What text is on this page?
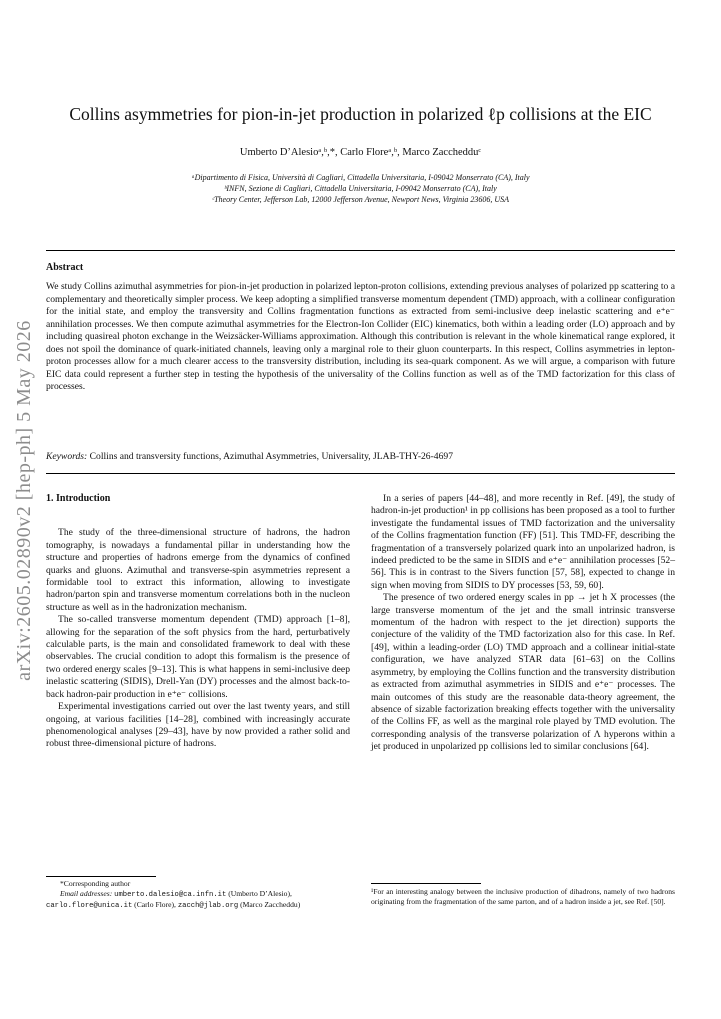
arXiv:2605.02890v2 [hep-ph] 5 May 2026
Collins asymmetries for pion-in-jet production in polarized ℓp collisions at the EIC
Umberto D’Alesioᵃ,ᵇ,*, Carlo Floreᵃ,ᵇ, Marco Zacchedduᶜ
ᵃDipartimento di Fisica, Università di Cagliari, Cittadella Universitaria, I-09042 Monserrato (CA), Italy
ᵇINFN, Sezione di Cagliari, Cittadella Universitaria, I-09042 Monserrato (CA), Italy
ᶜTheory Center, Jefferson Lab, 12000 Jefferson Avenue, Newport News, Virginia 23606, USA
Abstract

We study Collins azimuthal asymmetries for pion-in-jet production in polarized lepton-proton collisions, extending previous analyses of polarized pp scattering to a complementary and theoretically simpler process. We keep adopting a simplified transverse momentum dependent (TMD) approach, with a collinear configuration for the initial state, and employ the transversity and Collins fragmentation functions as extracted from semi-inclusive deep inelastic scattering and e⁺e⁻ annihilation processes. We then compute azimuthal asymmetries for the Electron-Ion Collider (EIC) kinematics, both within a leading order (LO) approach and by including quasireal photon exchange in the Weizsäcker-Williams approximation. Although this contribution is relevant in the whole kinematical range explored, it does not spoil the dominance of quark-initiated channels, leaving only a marginal role to their gluon counterparts. In this respect, Collins asymmetries in lepton-proton processes allow for a much clearer access to the transversity distribution, including its sea-quark component. As we will argue, a comparison with future EIC data could represent a further step in testing the hypothesis of the universality of the Collins function as well as of the TMD factorization for this class of processes.

Keywords: Collins and transversity functions, Azimuthal Asymmetries, Universality, JLAB-THY-26-4697
1. Introduction

The study of the three-dimensional structure of hadrons, the hadron tomography, is nowadays a fundamental pillar in understanding how the structure and properties of hadrons emerge from the dynamics of confined quarks and gluons. Azimuthal and transverse-spin asymmetries represent a formidable tool to extract this information, allowing to investigate hadron/parton spin and transverse momentum correlations both in the nucleon structure as well as in the hadronization mechanism.

The so-called transverse momentum dependent (TMD) approach [1–8], allowing for the separation of the soft physics from the hard, perturbatively calculable parts, is the main and consolidated framework to deal with these observables. The crucial condition to adopt this formalism is the presence of two ordered energy scales [9–13]. This is what happens in semi-inclusive deep inelastic scattering (SIDIS), Drell-Yan (DY) processes and the almost back-to-back hadron-pair production in e⁺e⁻ collisions.

Experimental investigations carried out over the last twenty years, and still ongoing, at various facilities [14–28], combined with increasingly accurate phenomenological analyses [29–43], have by now provided a rather solid and robust three-dimensional picture of hadrons.

In a series of papers [44–48], and more recently in Ref. [49], the study of hadron-in-jet production¹ in pp collisions has been proposed as a tool to further investigate the fundamental issues of TMD factorization and the universality of the Collins fragmentation function (FF) [51]. This TMD-FF, describing the fragmentation of a transversely polarized quark into an unpolarized hadron, is indeed predicted to be the same in SIDIS and e⁺e⁻ annihilation processes [52–56]. This is in contrast to the Sivers function [57, 58], expected to change in sign when moving from SIDIS to DY processes [53, 59, 60].

The presence of two ordered energy scales in pp → jet h X processes (the large transverse momentum of the jet and the small intrinsic transverse momentum of the hadron with respect to the jet direction) supports the conjecture of the validity of the TMD factorization also for this case. In Ref. [49], within a leading-order (LO) TMD approach and a collinear initial-state configuration, we have analyzed STAR data [61–63] on the Collins asymmetry, by employing the Collins function and the transversity distribution as extracted from azimuthal asymmetries in SIDIS and e⁺e⁻ processes. The main outcomes of this study are the reasonable data-theory agreement, the absence of sizable factorization breaking effects together with the universality of the Collins FF, as well as the marginal role played by TMD evolution. The corresponding analysis of the transverse polarization of Λ hyperons within a jet produced in unpolarized pp collisions led to similar conclusions [64].

*Corresponding author
Email addresses: umberto.dalesio@ca.infn.it (Umberto D’Alesio),
carlo.flore@unica.it (Carlo Flore), zacch@jlab.org (Marco Zaccheddu)
¹For an interesting analogy between the inclusive production of dihadrons, namely of two hadrons originating from the fragmentation of the same parton, and of a hadron inside a jet, see Ref. [50].
